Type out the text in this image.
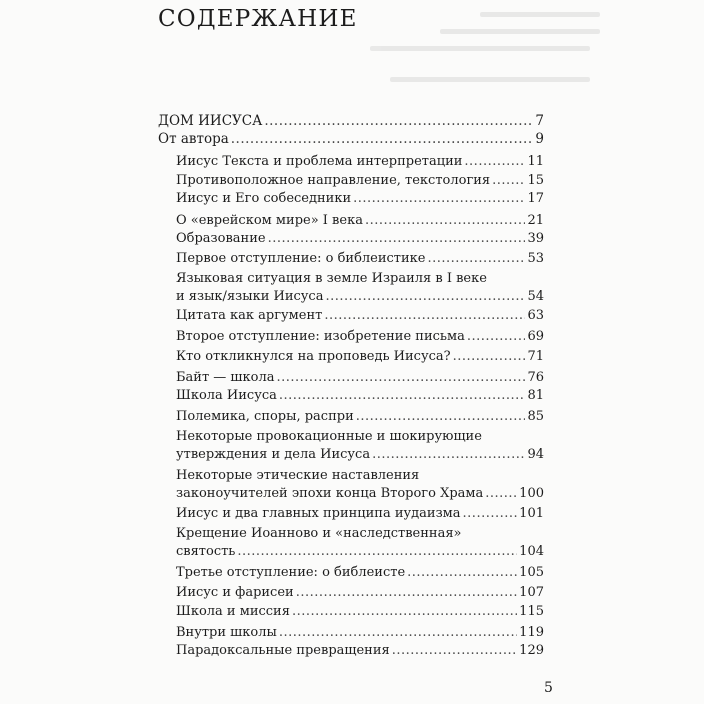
СОДЕРЖАНИЕ
ДОМ ИИСУСА .....	7
От автора .....	9
Иисус Текста и проблема интерпретации .....	11
Противоположное направление, текстология .....	15
Иисус и Его собеседники .....	17
О «еврейском мире» I века .....	21
Образование .....	39
Первое отступление: о библеистике .....	53
Языковая ситуация в земле Израиля в I веке
и язык/языки Иисуса .....	54
Цитата как аргумент .....	63
Второе отступление: изобретение письма .....	69
Кто откликнулся на проповедь Иисуса? .....	71
Байт — школа .....	76
Школа Иисуса .....	81
Полемика, споры, распри .....	85
Некоторые провокационные и шокирующие
утверждения и дела Иисуса .....	94
Некоторые этические наставления
законоучителей эпохи конца Второго Храма .....	100
Иисус и два главных принципа иудаизма .....	101
Крещение Иоанново и «наследственная»
святость .....	104
Третье отступление: о библеисте .....	105
Иисус и фарисеи .....	107
Школа и миссия .....	115
Внутри школы .....	119
Парадоксальные превращения .....	129
5
